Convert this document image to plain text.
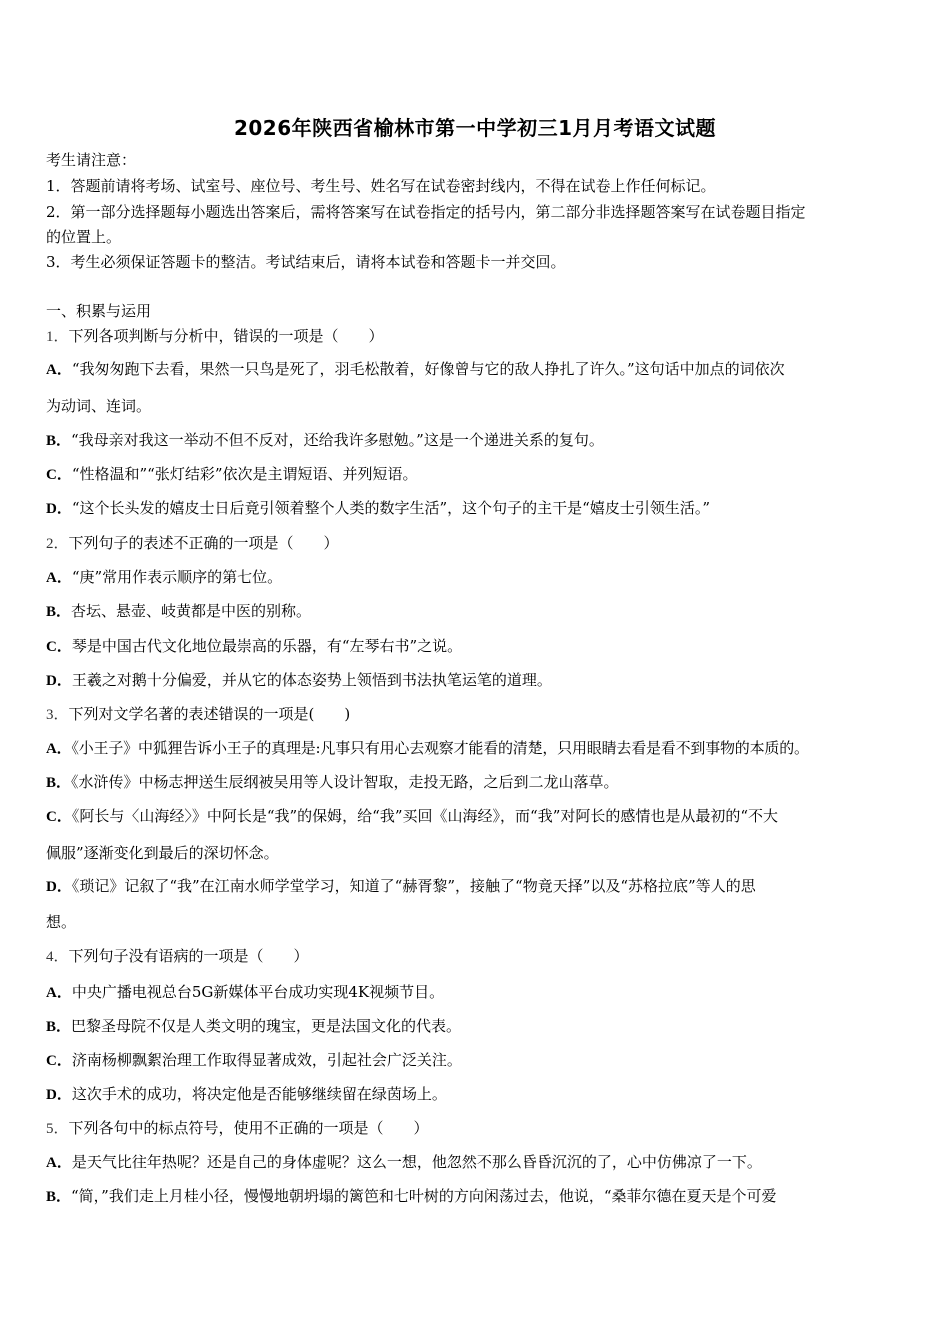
2026年陕西省榆林市第一中学初三1月月考语文试题
考生请注意：
1．答题前请将考场、试室号、座位号、考生号、姓名写在试卷密封线内，不得在试卷上作任何标记。
2．第一部分选择题每小题选出答案后，需将答案写在试卷指定的括号内，第二部分非选择题答案写在试卷题目指定
的位置上。
3．考生必须保证答题卡的整洁。考试结束后，请将本试卷和答题卡一并交回。
一、积累与运用
1．下列各项判断与分析中，错误的一项是（　　）
A．“我匆匆跑下去看，果然一只鸟是死了，羽毛松散着，好像曾与它的敌人挣扎了许久。”这句话中加点的词依次
为动词、连词。
B．“我母亲对我这一举动不但不反对，还给我许多慰勉。”这是一个递进关系的复句。
C．“性格温和”“张灯结彩”依次是主谓短语、并列短语。
D．“这个长头发的嬉皮士日后竟引领着整个人类的数字生活”，这个句子的主干是“嬉皮士引领生活。”
2．下列句子的表述不正确的一项是（　　）
A．“庚”常用作表示顺序的第七位。
B．杏坛、悬壶、岐黄都是中医的别称。
C．琴是中国古代文化地位最崇高的乐器，有“左琴右书”之说。
D．王羲之对鹅十分偏爱，并从它的体态姿势上领悟到书法执笔运笔的道理。
3．下列对文学名著的表述错误的一项是(　　)
A．《小王子》中狐狸告诉小王子的真理是:凡事只有用心去观察才能看的清楚，只用眼睛去看是看不到事物的本质的。
B．《水浒传》中杨志押送生辰纲被吴用等人设计智取，走投无路，之后到二龙山落草。
C．《阿长与〈山海经〉》中阿长是“我”的保姆，给“我”买回《山海经》，而“我”对阿长的感情也是从最初的“不大
佩服”逐渐变化到最后的深切怀念。
D．《琐记》记叙了“我”在江南水师学堂学习，知道了“赫胥黎”，接触了“物竟天择”以及“苏格拉底”等人的思
想。
4．下列句子没有语病的一项是（　　）
A．中央广播电视总台5G新媒体平台成功实现4K视频节目。
B．巴黎圣母院不仅是人类文明的瑰宝，更是法国文化的代表。
C．济南杨柳飘絮治理工作取得显著成效，引起社会广泛关注。
D．这次手术的成功，将决定他是否能够继续留在绿茵场上。
5．下列各句中的标点符号，使用不正确的一项是（　　）
A．是天气比往年热呢？还是自己的身体虚呢？这么一想，他忽然不那么昏昏沉沉的了，心中仿佛凉了一下。
B．“简，”我们走上月桂小径，慢慢地朝坍塌的篱笆和七叶树的方向闲荡过去，他说，“桑菲尔德在夏天是个可爱
